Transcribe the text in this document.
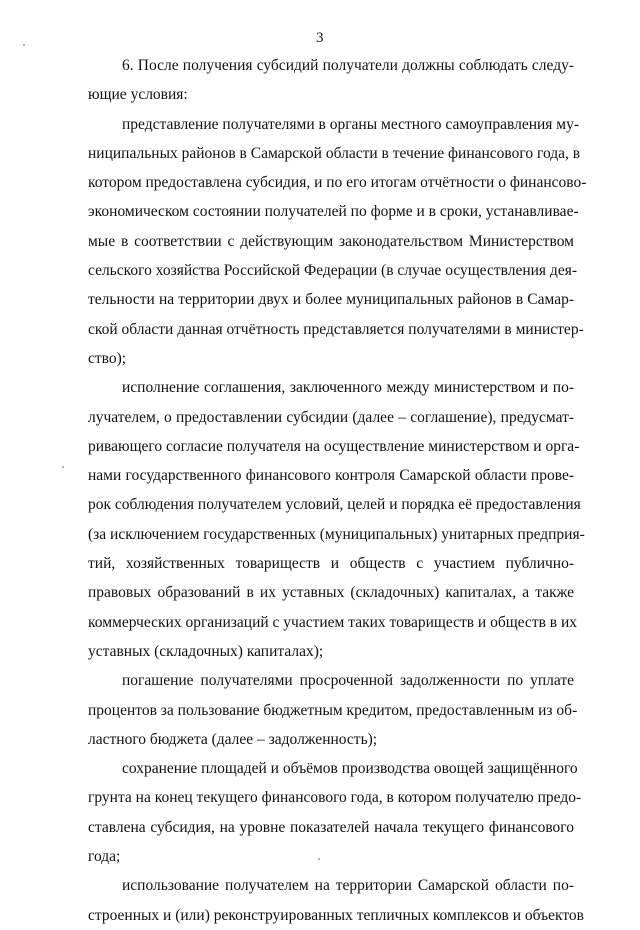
3
6. После получения субсидий получатели должны соблюдать следу-
ющие условия:
представление получателями в органы местного самоуправления му-
ниципальных районов в Самарской области в течение финансового года, в
котором предоставлена субсидия, и по его итогам отчётности о финансово-
экономическом состоянии получателей по форме и в сроки, устанавливае-
мые в соответствии с действующим законодательством Министерством
сельского хозяйства Российской Федерации (в случае осуществления дея-
тельности на территории двух и более муниципальных районов в Самар-
ской области данная отчётность представляется получателями в министер-
ство);
исполнение соглашения, заключенного между министерством и по-
лучателем, о предоставлении субсидии (далее – соглашение), предусмат-
ривающего согласие получателя на осуществление министерством и орга-
нами государственного финансового контроля Самарской области прове-
рок соблюдения получателем условий, целей и порядка её предоставления
(за исключением государственных (муниципальных) унитарных предприя-
тий, хозяйственных товариществ и обществ с участием публично-
правовых образований в их уставных (складочных) капиталах, а также
коммерческих организаций с участием таких товариществ и обществ в их
уставных (складочных) капиталах);
погашение получателями просроченной задолженности по уплате
процентов за пользование бюджетным кредитом, предоставленным из об-
ластного бюджета (далее – задолженность);
сохранение площадей и объёмов производства овощей защищённого
грунта на конец текущего финансового года, в котором получателю предо-
ставлена субсидия, на уровне показателей начала текущего финансового
года;
использование получателем на территории Самарской области по-
строенных и (или) реконструированных тепличных комплексов и объектов
